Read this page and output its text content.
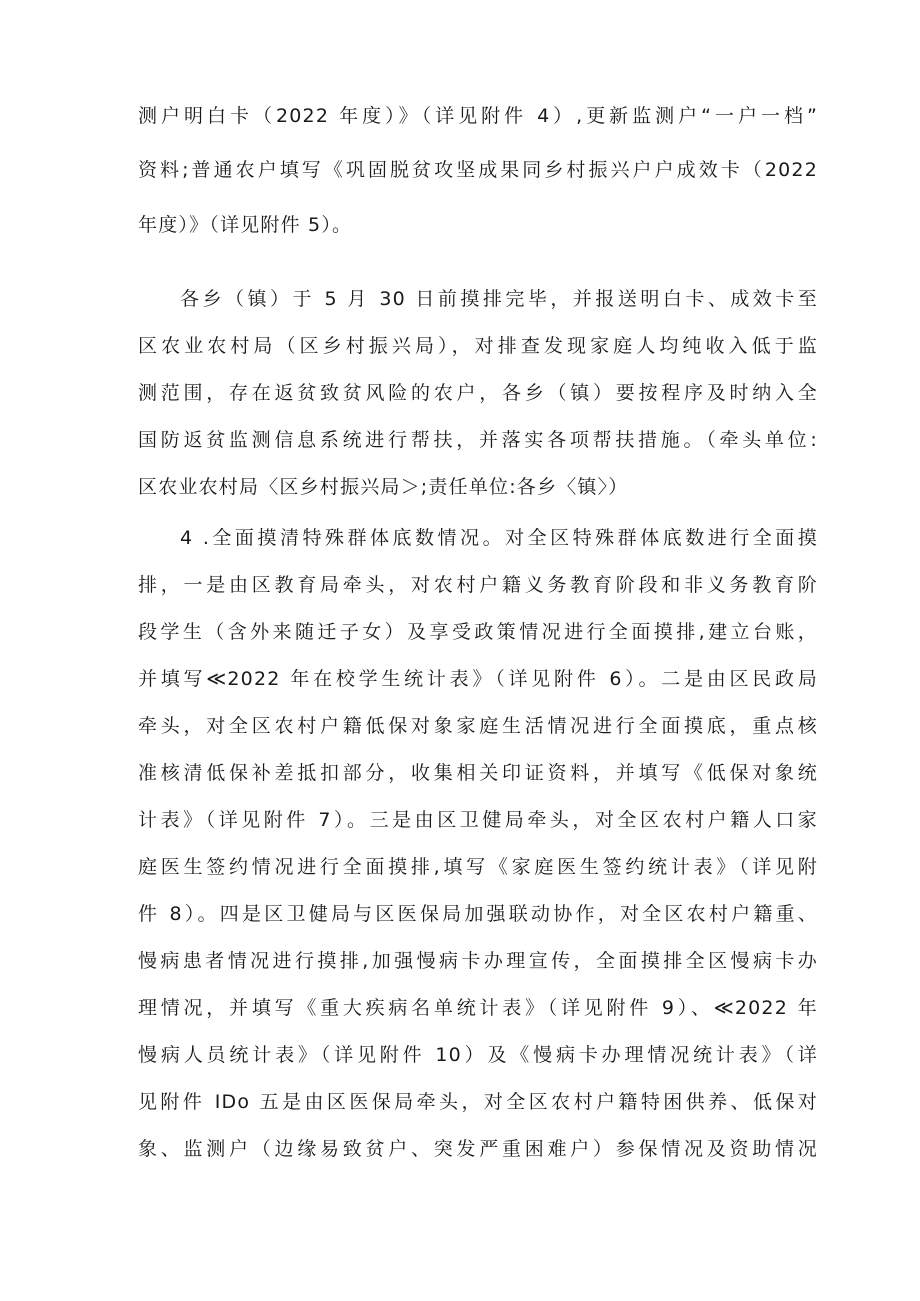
测户明白卡（2022 年度）》（详见附件 4）,更新监测户“一户一档”
资料;普通农户填写《巩固脱贫攻坚成果同乡村振兴户户成效卡（2022
年度）》（详见附件 5）。
各乡（镇）于 5 月 30 日前摸排完毕，并报送明白卡、成效卡至
区农业农村局（区乡村振兴局），对排查发现家庭人均纯收入低于监
测范围，存在返贫致贫风险的农户，各乡（镇）要按程序及时纳入全
国防返贫监测信息系统进行帮扶，并落实各项帮扶措施。（牵头单位:
区农业农村局〈区乡村振兴局＞;责任单位:各乡〈镇〉）
4 .全面摸清特殊群体底数情况。对全区特殊群体底数进行全面摸
排，一是由区教育局牵头，对农村户籍义务教育阶段和非义务教育阶
段学生（含外来随迁子女）及享受政策情况进行全面摸排,建立台账，
并填写≪2022 年在校学生统计表》（详见附件 6）。二是由区民政局
牵头，对全区农村户籍低保对象家庭生活情况进行全面摸底，重点核
准核清低保补差抵扣部分，收集相关印证资料，并填写《低保对象统
计表》（详见附件 7）。三是由区卫健局牵头，对全区农村户籍人口家
庭医生签约情况进行全面摸排,填写《家庭医生签约统计表》（详见附
件 8）。四是区卫健局与区医保局加强联动协作，对全区农村户籍重、
慢病患者情况进行摸排,加强慢病卡办理宣传，全面摸排全区慢病卡办
理情况，并填写《重大疾病名单统计表》（详见附件 9）、≪2022 年
慢病人员统计表》（详见附件 10）及《慢病卡办理情况统计表》（详
见附件 IDo 五是由区医保局牵头，对全区农村户籍特困供养、低保对
象、监测户（边缘易致贫户、突发严重困难户）参保情况及资助情况
